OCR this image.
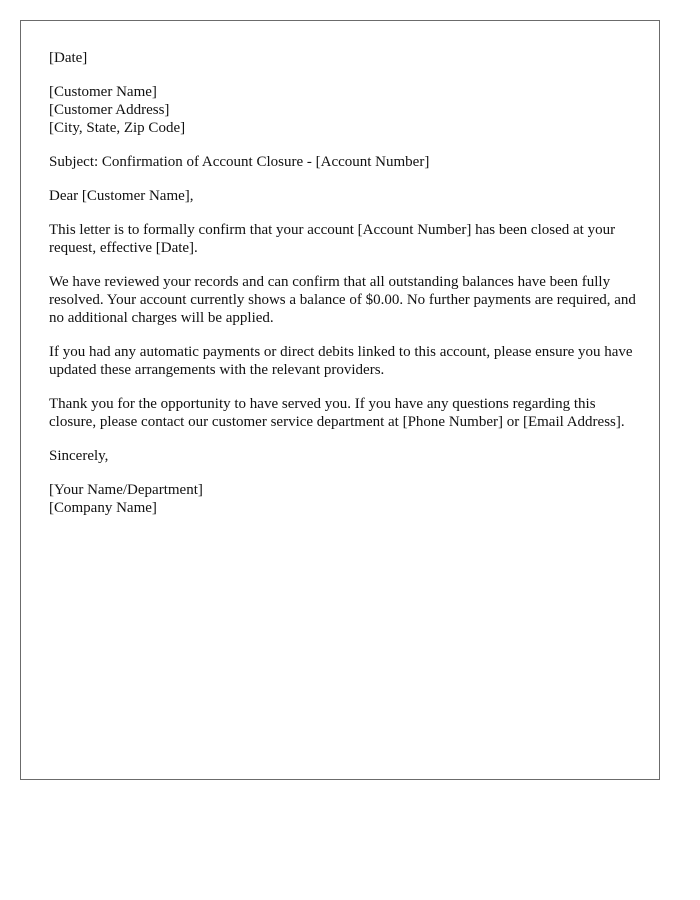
[Date]
[Customer Name]
[Customer Address]
[City, State, Zip Code]
Subject: Confirmation of Account Closure - [Account Number]
Dear [Customer Name],

This letter is to formally confirm that your account [Account Number] has been closed at your request, effective [Date].

We have reviewed your records and can confirm that all outstanding balances have been fully resolved. Your account currently shows a balance of $0.00. No further payments are required, and no additional charges will be applied.

If you had any automatic payments or direct debits linked to this account, please ensure you have updated these arrangements with the relevant providers.

Thank you for the opportunity to have served you. If you have any questions regarding this closure, please contact our customer service department at [Phone Number] or [Email Address].

Sincerely,
[Your Name/Department]
[Company Name]
